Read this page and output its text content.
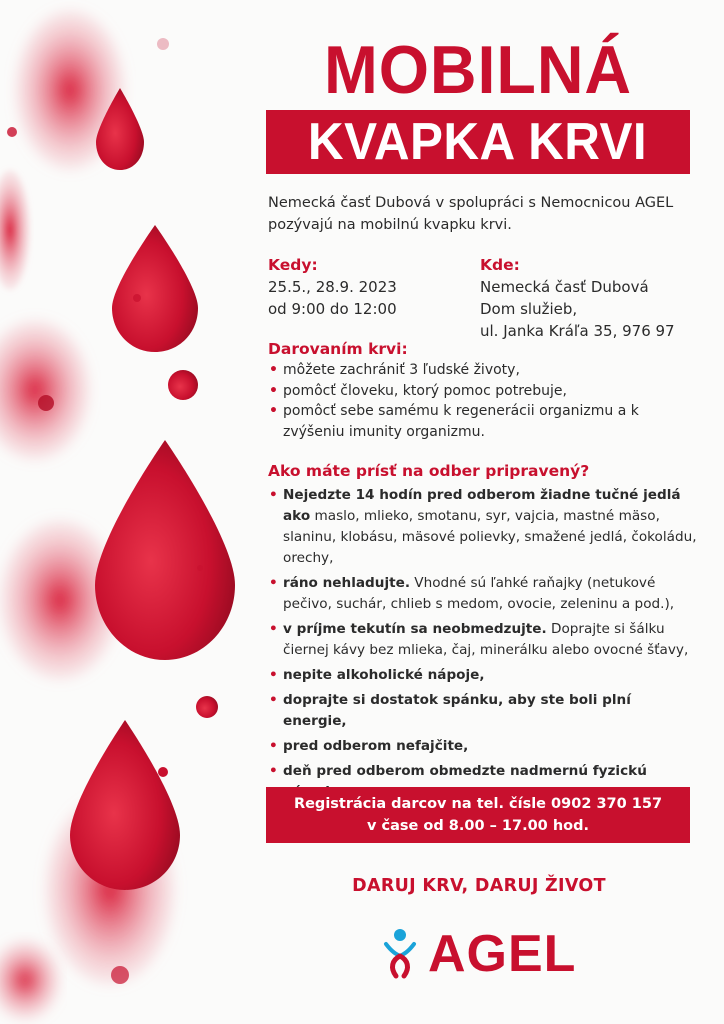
MOBILNÁ
KVAPKA KRVI
Nemecká časť Dubová v spolupráci s Nemocnicou AGEL pozývajú na mobilnú kvapku krvi.
Kedy:
25.5., 28.9. 2023
od 9:00 do 12:00
Kde:
Nemecká časť Dubová
Dom služieb,
ul. Janka Kráľa 35, 976 97
Darovaním krvi:
• môžete zachrániť 3 ľudské životy,
• pomôcť človeku, ktorý pomoc potrebuje,
• pomôcť sebe samému k regenerácii organizmu a k zvýšeniu imunity organizmu.
Ako máte prísť na odber pripravený?
• Nejedzte 14 hodín pred odberom žiadne tučné jedlá ako maslo, mlieko, smotanu, syr, vajcia, mastné mäso, slaninu, klobásu, mäsové polievky, smažené jedlá, čokoládu, orechy,
• ráno nehladujte. Vhodné sú ľahké raňajky (netukové pečivo, suchár, chlieb s medom, ovocie, zeleninu a pod.),
• v príjme tekutín sa neobmedzujte. Doprajte si šálku čiernej kávy bez mlieka, čaj, minerálku alebo ovocné šťavy,
• nepite alkoholické nápoje,
• doprajte si dostatok spánku, aby ste boli plní energie,
• pred odberom nefajčite,
• deň pred odberom obmedzte nadmernú fyzickú
Registrácia darcov na tel. čísle 0902 370 157
v čase od 8.00 – 17.00 hod.
DARUJ KRV, DARUJ ŽIVOT
AGEL
